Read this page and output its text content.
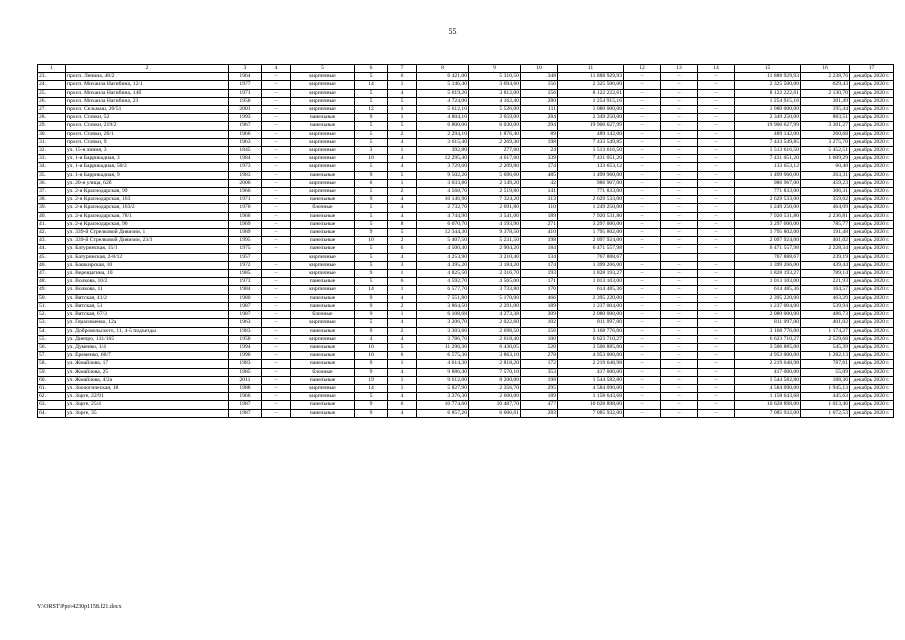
55
1	2	3	4	5	6	7	8	9	10	11	12	13	14	15	16	17
23.	просп. Ленина, 48/2	1964	–	кирпичные	5	6	6 421,00	5 310,50	348	11 888 929,93	–	–	–	11 888 929,93	2 238,76	декабрь 2020 г.
24.	просп. Михаила Нагибина, 12/1	1977	–	кирпичные	14	1	5 146,40	3 694,60	156	2 325 500,00	–	–	–	2 325 500,00	629,43	декабрь 2020 г.
25.	просп. Михаила Нагибина, 14б	1971	–	кирпичные	5	4	5 019,20	3 812,00	156	8 122 222,61	–	–	–	8 122 222,61	2 130,70	декабрь 2020 г.
26.	просп. Михаила Нагибина, 23	1958	–	кирпичные	5	5	4 724,00	4 162,40	280	1 254 915,16	–	–	–	1 254 915,16	301,49	декабрь 2020 г.
27.	просп. Сельмаш, 20/51	2001	–	кирпичные	12	1	5 612,10	5 526,00	111	1 080 000,00	–	–	–	1 080 000,00	195,44	декабрь 2020 г.
28.	просп. Стачки, 52	1993	–	панельные	9	1	4 804,10	2 659,00	284	2 349 250,00	–	–	–	2 349 250,00	883,51	декабрь 2020 г.
29.	просп. Стачки, 219/2	1967	–	панельные	5	5	6 800,00	6 030,00	294	19 906 627,99	–	–	–	19 906 627,99	3 301,27	декабрь 2020 г.
30.	просп. Стачки, 26/1	1966	–	кирпичные	5	2	2 294,10	1 876,40	89	489 142,00	–	–	–	489 142,00	260,68	декабрь 2020 г.
31.	просп. Стачки, 9	1963	–	кирпичные	5	4	3 615,40	2 269,30	198	7 433 549,85	–	–	–	7 433 549,85	3 275,70	декабрь 2020 г.
32.	ул. 15-я линия, 3	1845	–	кирпичные	3	1	392,80	277,60	24	1 513 616,50	–	–	–	1 513 616,50	5 452,51	декабрь 2020 г.
33.	ул. 1-я Баррикадная, 3	1984	–	кирпичные	10	4	12 295,40	4 617,60	339	7 431 051,20	–	–	–	7 431 051,20	1 609,29	декабрь 2020 г.
34.	ул. 1-я Баррикадная, 50/2	1973	–	кирпичные	5	4	3 729,60	2 209,80	174	133 653,12	–	–	–	133 653,12	60,48	декабрь 2020 г.
35.	ул. 1-я Баррикадная, 9	1983	–	панельные	9	5	9 502,20	5 696,60	485	1 499 960,00	–	–	–	1 499 960,00	263,31	декабрь 2020 г.
36.	ул. 20-я улица, 62б	2006	–	кирпичные	6	1	3 033,80	2 149,20	42	986 967,00	–	–	–	986 967,00	459,23	декабрь 2020 г.
37.	ул. 2-я Краснодарская, 99	1966	–	кирпичные	5	2	4 568,70	2 519,80	141	771 833,00	–	–	–	771 833,00	306,31	декабрь 2020 г.
38.	ул. 2-я Краснодарская, 163	1971	–	панельные	9	4	10 146,90	7 324,20	313	2 629 533,00	–	–	–	2 629 533,00	359,02	декабрь 2020 г.
39.	ул. 2-я Краснодарская, 163/2	1970	–	блочные	5	4	2 732,70	2 691,80	110	1 249 250,00	–	–	–	1 249 250,00	464,09	декабрь 2020 г.
40.	ул. 2-я Краснодарская, 78/1	1966	–	панельные	5	4	4 744,90	3 541,00	189	7 920 531,80	–	–	–	7 920 531,80	2 236,81	декабрь 2020 г.
41.	ул. 2-я Краснодарская, 90	1969	–	панельные	5	8	6 070,70	4 193,90	271	3 297 000,00	–	–	–	3 297 000,00	785,77	декабрь 2020 г.
42.	ул. 339-й Стрелковой Дивизии, 1	1989	–	панельные	9	5	12 344,30	9 378,50	410	1 795 802,00	–	–	–	1 795 802,00	191,48	декабрь 2020 г.
43.	ул. 339-й Стрелковой Дивизии, 23/3	1995	–	панельные	10	2	5 407,50	5 231,50	198	2 097 924,00	–	–	–	2 097 924,00	401,02	декабрь 2020 г.
44.	ул. Батуринская, 15/1	1975	–	панельные	5	6	4 500,40	2 904,20	184	6 471 557,98	–	–	–	6 471 557,98	2 228,34	декабрь 2020 г.
45.	ул. Батуринская, 2-8/12	1957		кирпичные	5	4	4 253,90	3 210,40	134	767 888,67				767 888,67	239,19	декабрь 2020 г.
46.	ул. Башкирская, 10	1972	–	кирпичные	5	3	4 395,20	3 184,20	174	1 399 266,00	–	–	–	1 399 266,00	439,44	декабрь 2020 г.
47.	ул. Верещагина, 10	1985	–	кирпичные	9	1	4 825,50	2 316,70	193	1 828 193,27	–	–	–	1 828 193,27	789,14	декабрь 2020 г.
48.	ул. Волкова, 10/2	1973	–	панельные	5	6	4 592,70	4 565,00	171	1 013 103,00	–	–	–	1 013 103,00	221,93	декабрь 2020 г.
49.	ул. Волкова, 11	1984	–	кирпичные	14	1	6 577,70	3 733,80	170	614 485,36	–	–	–	614 485,36	164,57	декабрь 2020 г.
50.	ул. Вятская, 41/2	1980	–	панельные	9	4	7 551,80	5 170,00	466	2 395 220,00	–	–	–	2 395 220,00	463,29	декабрь 2020 г.
51.	ул. Вятская, 51	1987	–	панельные	9	2	3 864,50	2 291,00	189	1 237 004,00	–	–	–	1 237 004,00	539,94	декабрь 2020 г.
52.	ул. Вятская, 67/3	1987	–	блочные	9	1	6 108,68	4 273,38	309	2 080 000,00	–	–	–	2 080 000,00	486,73	декабрь 2020 г.
53.	ул. Герасименко, 12а	1963	–	кирпичные	5	4	3 206,70	2 022,60	102	811 097,00	–	–	–	811 097,00	401,02	декабрь 2020 г.
54.	ул. Добровольского, 11, 4-5 подъезды	1983	–	панельные	9	2	3 303,60	2 698,50	156	3 168 776,00	–	–	–	3 168 776,00	1 174,27	декабрь 2020 г.
55.	ул. Днепро, 131/165	1958	–	кирпичные	4	4	3 786,70	2 618,40	100	6 623 710,27	–	–	–	6 623 710,27	2 529,68	декабрь 2020 г.
56.	ул. Думенко, 1/4	1994	–	панельные	10	5	11 296,30	6 430,05	520	3 506 885,00	–	–	–	3 506 885,00	545,39	декабрь 2020 г.
57.	ул. Еременко, 66/7	1990	–	панельные	10	6	6 575,30	3 863,10	278	4 953 000,00	–	–	–	4 953 000,00	1 282,13	декабрь 2020 г.
58.	ул. Жмайлова, 17	1983	–	панельные	9	1	4 614,30	2 818,20	172	2 219 648,98	–	–	–	2 219 648,98	787,61	декабрь 2020 г.
59.	ул. Жмайлова, 25	1985	–	блочные	9	4	9 886,40	7 570,10	353	417 000,00	–	–	–	417 000,00	55,09	декабрь 2020 г.
60.	ул. Жмайлова, 4/2а	2011	–	панельные	19	1	9 612,00	8 200,00	198	1 544 582,80	–	–	–	1 544 582,80	188,36	декабрь 2020 г.
61.	ул. Зоологическая, 18	1988	–	кирпичные	14	1	5 827,90	2 356,70	295	4 584 090,00	–	–	–	4 584 090,00	1 945,13	декабрь 2020 г.
62.	ул. Зорге, 22/91	1966	–	кирпичные	5	4	3 376,30	2 600,00	189	1 158 643,68	–	–	–	1 158 643,68	445,63	декабрь 2020 г.
63.	ул. Зорге, 25/4	1987	–	панельные	9	6	10 774,60	10 487,70	477	10 628 898,00	–	–	–	10 628 898,00	1 013,46	декабрь 2020 г.
64.	ул. Зорге, 35	1987	–	панельные	9	4	6 857,20	6 606,61	283	7 085 932,00	–	–	–	7 085 932,00	1 072,53	декабрь 2020 г.
Y:\ORST\Ppo\4230p1158.f21.docx
